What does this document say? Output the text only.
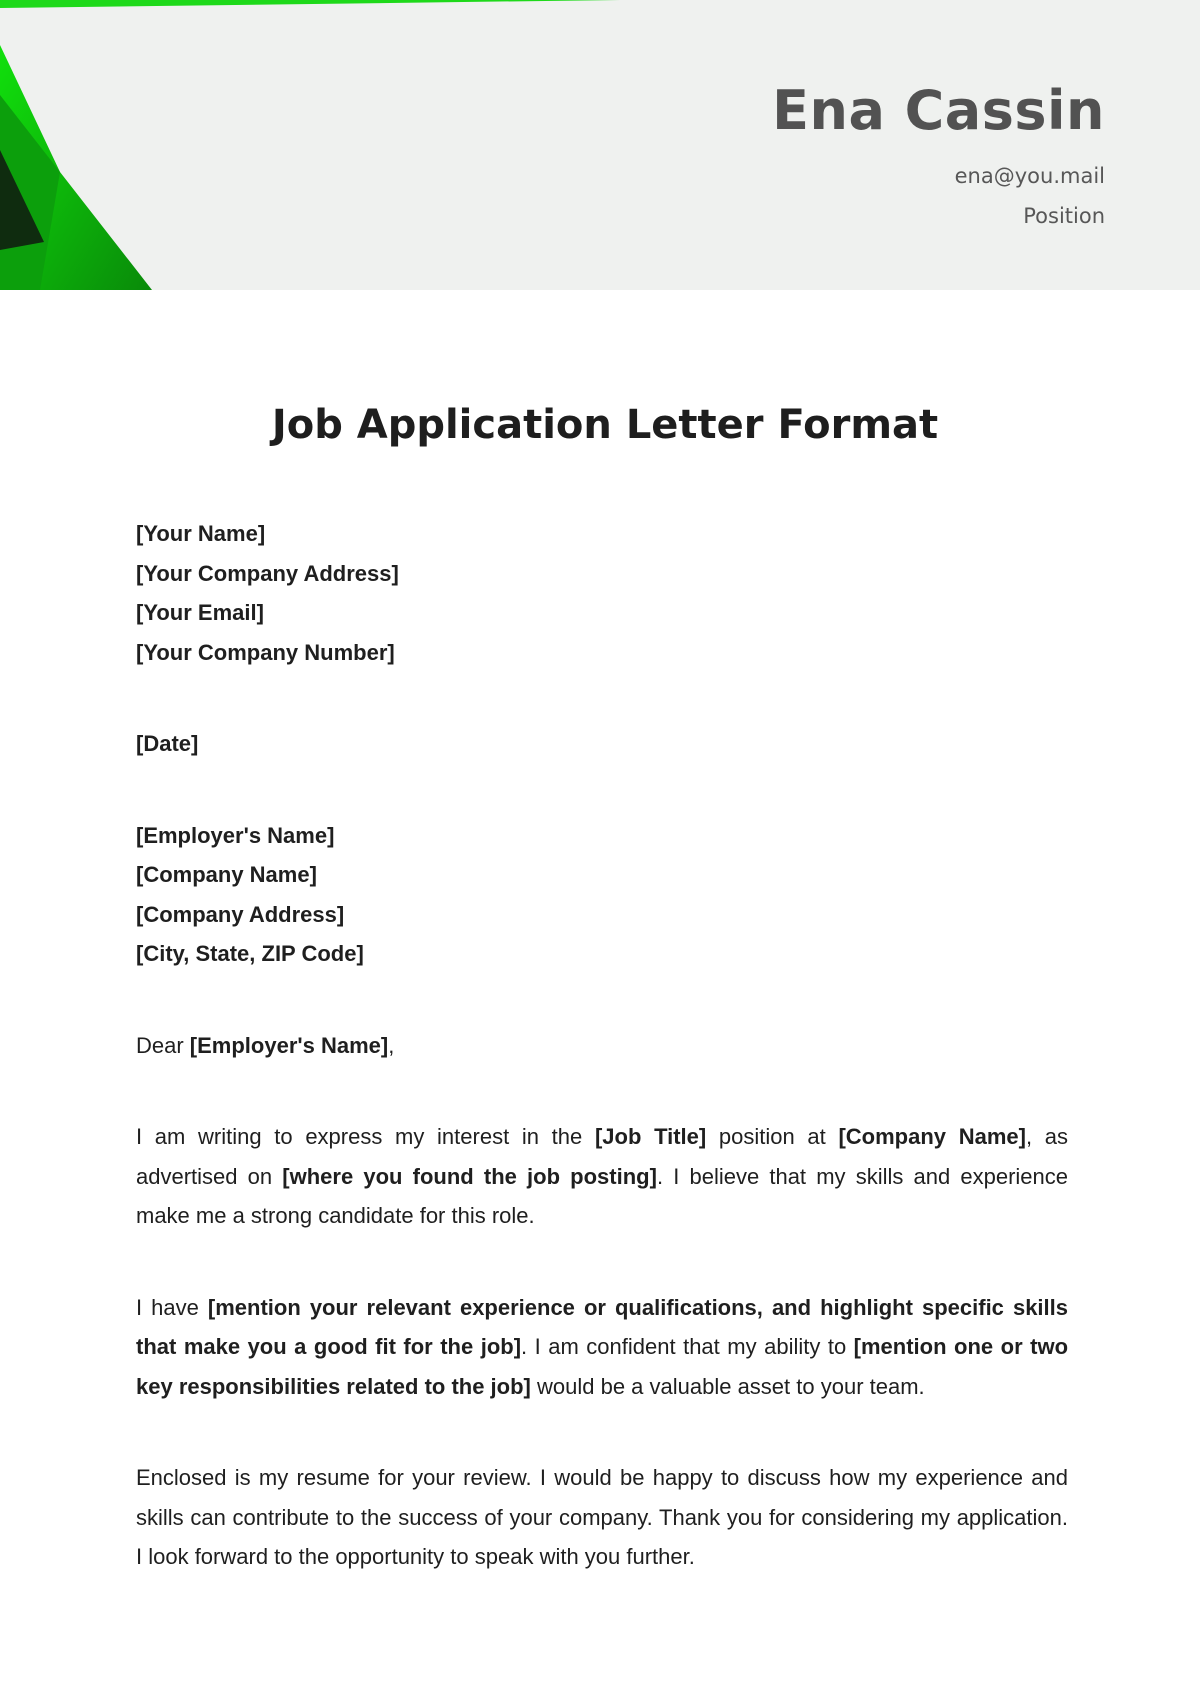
Ena Cassin
ena@you.mail
Position
Job Application Letter Format
[Your Name]
[Your Company Address]
[Your Email]
[Your Company Number]
[Date]
[Employer's Name]
[Company Name]
[Company Address]
[City, State, ZIP Code]
Dear [Employer's Name],

I am writing to express my interest in the [Job Title] position at [Company Name], as advertised on [where you found the job posting]. I believe that my skills and experience make me a strong candidate for this role.

I have [mention your relevant experience or qualifications, and highlight specific skills that make you a good fit for the job]. I am confident that my ability to [mention one or two key responsibilities related to the job] would be a valuable asset to your team.

Enclosed is my resume for your review. I would be happy to discuss how my experience and skills can contribute to the success of your company. Thank you for considering my application. I look forward to the opportunity to speak with you further.
